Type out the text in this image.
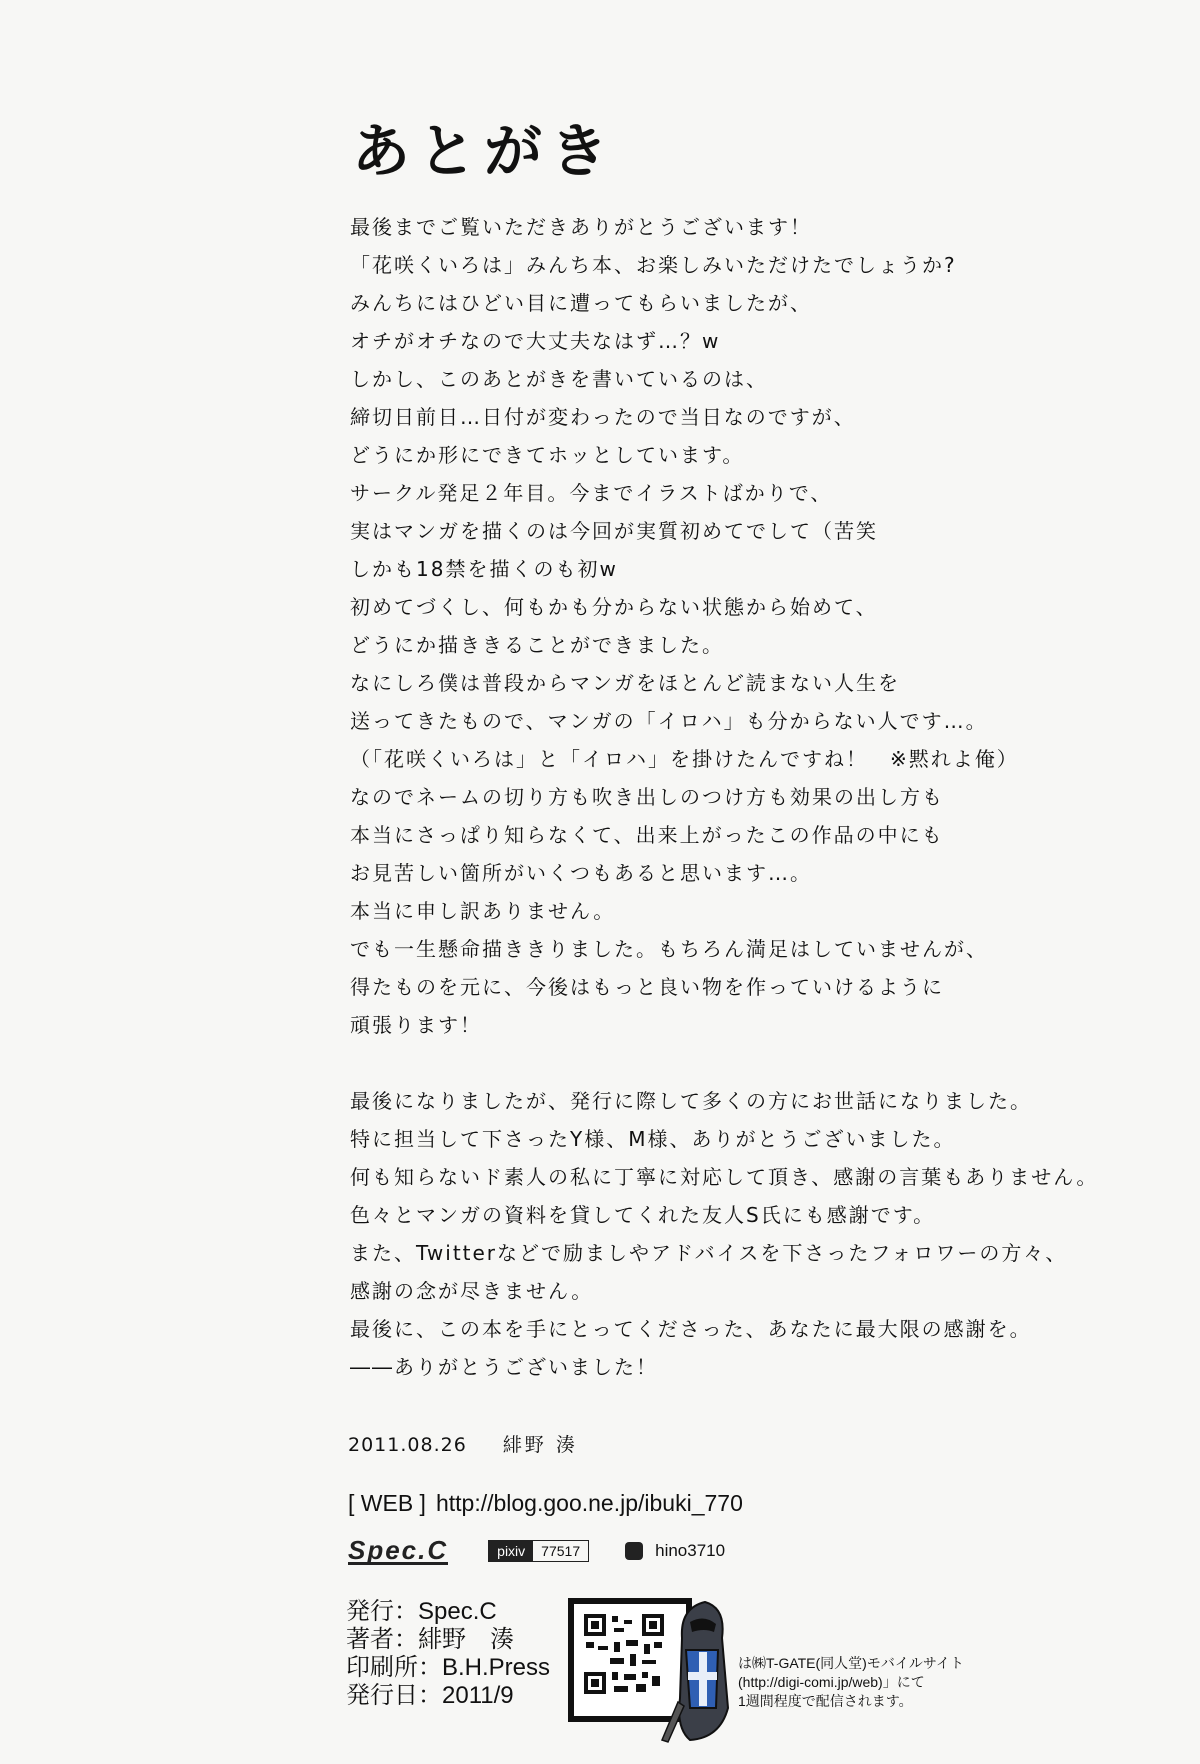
あとがき
最後までご覧いただきありがとうございます！
「花咲くいろは」みんち本、お楽しみいただけたでしょうか?
みんちにはひどい目に遭ってもらいましたが、
オチがオチなので大丈夫なはず…？w
しかし、このあとがきを書いているのは、
締切日前日…日付が変わったので当日なのですが、
どうにか形にできてホッとしています。
サークル発足２年目。今までイラストばかりで、
実はマンガを描くのは今回が実質初めてでして（苦笑
しかも18禁を描くのも初w
初めてづくし、何もかも分からない状態から始めて、
どうにか描ききることができました。
なにしろ僕は普段からマンガをほとんど読まない人生を
送ってきたもので、マンガの「イロハ」も分からない人です…。
（「花咲くいろは」と「イロハ」を掛けたんですね！　※黙れよ俺）
なのでネームの切り方も吹き出しのつけ方も効果の出し方も
本当にさっぱり知らなくて、出来上がったこの作品の中にも
お見苦しい箇所がいくつもあると思います…。
本当に申し訳ありません。
でも一生懸命描ききりました。もちろん満足はしていませんが、
得たものを元に、今後はもっと良い物を作っていけるように
頑張ります！
最後になりましたが、発行に際して多くの方にお世話になりました。
特に担当して下さったY様、M様、ありがとうございました。
何も知らないド素人の私に丁寧に対応して頂き、感謝の言葉もありません。
色々とマンガの資料を貸してくれた友人S氏にも感謝です。
また、Twitterなどで励ましやアドバイスを下さったフォロワーの方々、
感謝の念が尽きません。
最後に、この本を手にとってくださった、あなたに最大限の感謝を。
――ありがとうございました！
2011.08.26 緋野 湊
[ WEB ] http://blog.goo.ne.jp/ibuki_770
Spec.C	pixiv	77517	hino3710
発行：Spec.C
著者：緋野　湊
印刷所：B.H.Press
発行日：2011/9
は㈱T-GATE(同人堂)モバイルサイト
(http://digi-comi.jp/web)」にて
1週間程度で配信されます。
